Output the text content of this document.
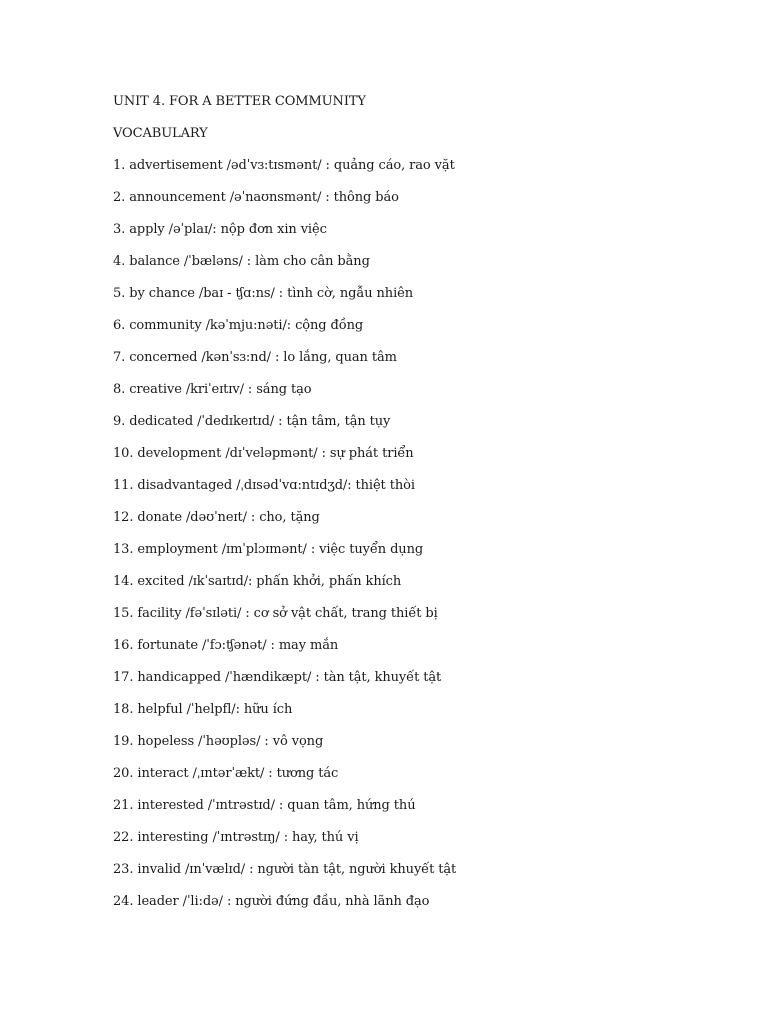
UNIT 4. FOR A BETTER COMMUNITY
VOCABULARY
1. advertisement /ədˈvɜ:tɪsmənt/ : quảng cáo, rao vặt
2. announcement /əˈnaʊnsmənt/ : thông báo
3. apply /əˈplaɪ/: nộp đơn xin việc
4. balance /ˈbæləns/ : làm cho cân bằng
5. by chance /baɪ - ʧɑ:ns/ : tình cờ, ngẫu nhiên
6. community /kəˈmju:nəti/: cộng đồng
7. concerned /kənˈsɜ:nd/ : lo lắng, quan tâm
8. creative /kriˈeɪtɪv/ : sáng tạo
9. dedicated /ˈdedɪkeɪtɪd/ : tận tâm, tận tụy
10. development /dɪˈveləpmənt/ : sự phát triển
11. disadvantaged /ˌdɪsədˈvɑ:ntɪdʒd/: thiệt thòi
12. donate /dəʊˈneɪt/ : cho, tặng
13. employment /ɪmˈplɔɪmənt/ : việc tuyển dụng
14. excited /ɪkˈsaɪtɪd/: phấn khởi, phấn khích
15. facility /fəˈsɪləti/ : cơ sở vật chất, trang thiết bị
16. fortunate /ˈfɔ:ʧənət/ : may mắn
17. handicapped /ˈhændikæpt/ : tàn tật, khuyết tật
18. helpful /ˈhelpfl/: hữu ích
19. hopeless /ˈhəʊpləs/ : vô vọng
20. interact /ˌɪntərˈækt/ : tương tác
21. interested /ˈɪntrəstɪd/ : quan tâm, hứng thú
22. interesting /ˈɪntrəstɪŋ/ : hay, thú vị
23. invalid /ɪnˈvælɪd/ : người tàn tật, người khuyết tật
24. leader /ˈli:də/ : người đứng đầu, nhà lãnh đạo
